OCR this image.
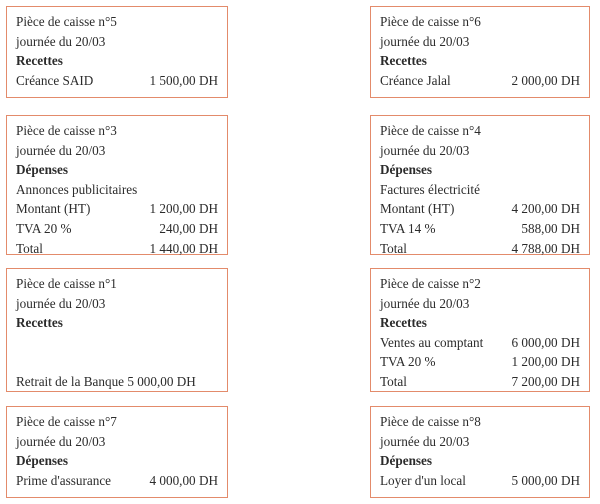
Pièce de caisse n°5
journée du 20/03
Recettes
Créance SAID	1 500,00 DH
Pièce de caisse n°6
journée du 20/03
Recettes
Créance Jalal	2 000,00 DH
Pièce de caisse n°3
journée du 20/03
Dépenses
Annonces publicitaires
Montant (HT)	1 200,00 DH
TVA 20 %	240,00 DH
Total	1 440,00 DH
Pièce de caisse n°4
journée du 20/03
Dépenses
Factures électricité
Montant (HT)	4 200,00 DH
TVA 14 %	588,00 DH
Total	4 788,00 DH
Pièce de caisse n°1
journée du 20/03
Recettes
Retrait de la Banque 5 000,00 DH
Pièce de caisse n°2
journée du 20/03
Recettes
Ventes au comptant 6 000,00 DH
TVA 20 %	1 200,00 DH
Total	7 200,00 DH
Pièce de caisse n°7
journée du 20/03
Dépenses
Prime d'assurance	4 000,00 DH
Pièce de caisse n°8
journée du 20/03
Dépenses
Loyer d'un local	5 000,00 DH
